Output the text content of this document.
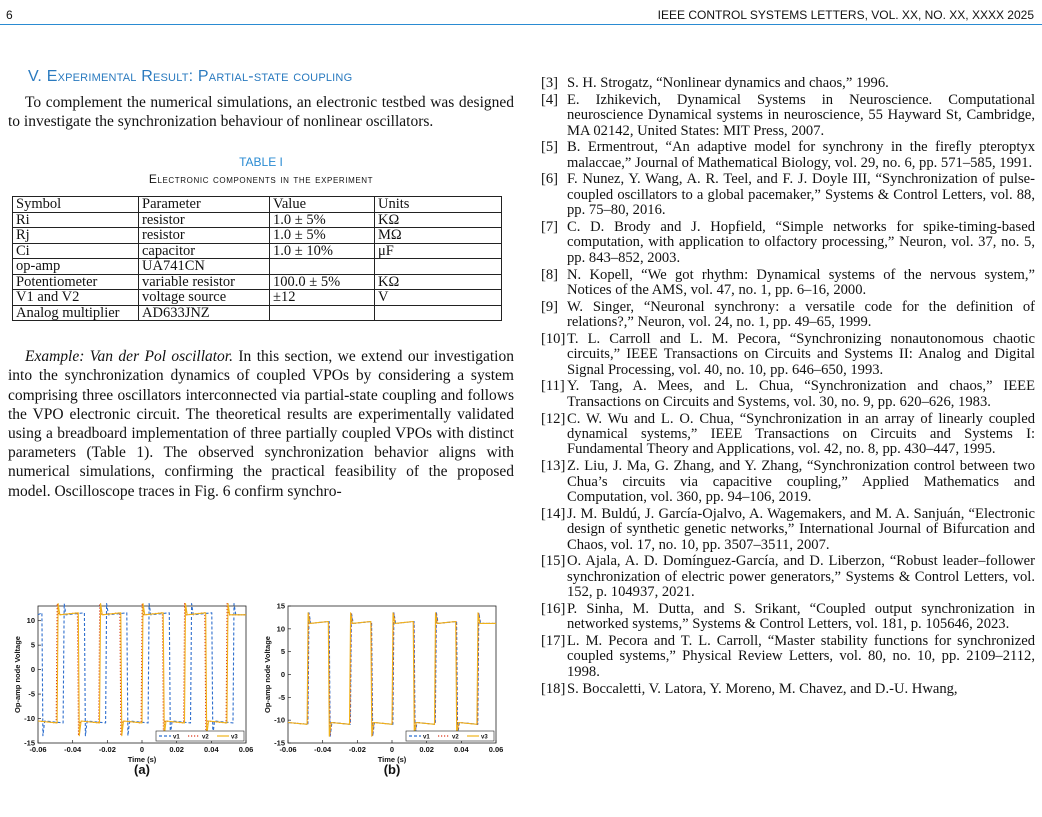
6	IEEE CONTROL SYSTEMS LETTERS, VOL. XX, NO. XX, XXXX 2025
V. Experimental Result: Partial-state coupling

To complement the numerical simulations, an electronic testbed was designed to investigate the synchronization behaviour of nonlinear oscillators.

TABLE I
Electronic components in the experiment
Symbol	Parameter	Value	Units
Ri	resistor	1.0 ± 5%	KΩ
Rj	resistor	1.0 ± 5%	MΩ
Ci	capacitor	1.0 ± 10%	μF
op-amp	UA741CN		
Potentiometer	variable resistor	100.0 ± 5%	KΩ
V1 and V2	voltage source	±12	V
Analog multiplier	AD633JNZ		

Example: Van der Pol oscillator. In this section, we extend our investigation into the synchronization dynamics of coupled VPOs by considering a system comprising three oscillators interconnected via partial-state coupling and follows the VPO electronic circuit. The theoretical results are experimentally validated using a breadboard implementation of three partially coupled VPOs with distinct parameters (Table 1). The observed synchronization behavior aligns with numerical simulations, confirming the practical feasibility of the proposed model. Oscilloscope traces in Fig. 6 confirm synchro-

10
5
0
-5
-10
-15
-0.06 -0.04 -0.02	0	0.02	0.04	0.06
Time (s)
(a)
Op-amp node Voltage
v1	v2	v3
15
10
5
0
-5
-10
-15
-0.06 -0.04 -0.02	0	0.02	0.04	0.06
Time (s)
(b)
Op-amp node Voltage
v1	v2	v3
[3] S. H. Strogatz, “Nonlinear dynamics and chaos,” 1996.
[4] E. Izhikevich, Dynamical Systems in Neuroscience. Computational neuroscience Dynamical systems in neuroscience, 55 Hayward St, Cambridge, MA 02142, United States: MIT Press, 2007.
[5] B. Ermentrout, “An adaptive model for synchrony in the firefly pteroptyx malaccae,” Journal of Mathematical Biology, vol. 29, no. 6, pp. 571–585, 1991.
[6] F. Nunez, Y. Wang, A. R. Teel, and F. J. Doyle III, “Synchronization of pulse-coupled oscillators to a global pacemaker,” Systems & Control Letters, vol. 88, pp. 75–80, 2016.
[7] C. D. Brody and J. Hopfield, “Simple networks for spike-timing-based computation, with application to olfactory processing,” Neuron, vol. 37, no. 5, pp. 843–852, 2003.
[8] N. Kopell, “We got rhythm: Dynamical systems of the nervous system,” Notices of the AMS, vol. 47, no. 1, pp. 6–16, 2000.
[9] W. Singer, “Neuronal synchrony: a versatile code for the definition of relations?,” Neuron, vol. 24, no. 1, pp. 49–65, 1999.
[10] T. L. Carroll and L. M. Pecora, “Synchronizing nonautonomous chaotic circuits,” IEEE Transactions on Circuits and Systems II: Analog and Digital Signal Processing, vol. 40, no. 10, pp. 646–650, 1993.
[11] Y. Tang, A. Mees, and L. Chua, “Synchronization and chaos,” IEEE Transactions on Circuits and Systems, vol. 30, no. 9, pp. 620–626, 1983.
[12] C. W. Wu and L. O. Chua, “Synchronization in an array of linearly coupled dynamical systems,” IEEE Transactions on Circuits and Systems I: Fundamental Theory and Applications, vol. 42, no. 8, pp. 430–447, 1995.
[13] Z. Liu, J. Ma, G. Zhang, and Y. Zhang, “Synchronization control between two Chua’s circuits via capacitive coupling,” Applied Mathematics and Computation, vol. 360, pp. 94–106, 2019.
[14] J. M. Buldú, J. García-Ojalvo, A. Wagemakers, and M. A. Sanjuán, “Electronic design of synthetic genetic networks,” International Journal of Bifurcation and Chaos, vol. 17, no. 10, pp. 3507–3511, 2007.
[15] O. Ajala, A. D. Domínguez-García, and D. Liberzon, “Robust leader–follower synchronization of electric power generators,” Systems & Control Letters, vol. 152, p. 104937, 2021.
[16] P. Sinha, M. Dutta, and S. Srikant, “Coupled output synchronization in networked systems,” Systems & Control Letters, vol. 181, p. 105646, 2023.
[17] L. M. Pecora and T. L. Carroll, “Master stability functions for synchronized coupled systems,” Physical Review Letters, vol. 80, no. 10, pp. 2109–2112, 1998.
[18] S. Boccaletti, V. Latora, Y. Moreno, M. Chavez, and D.-U. Hwang,
